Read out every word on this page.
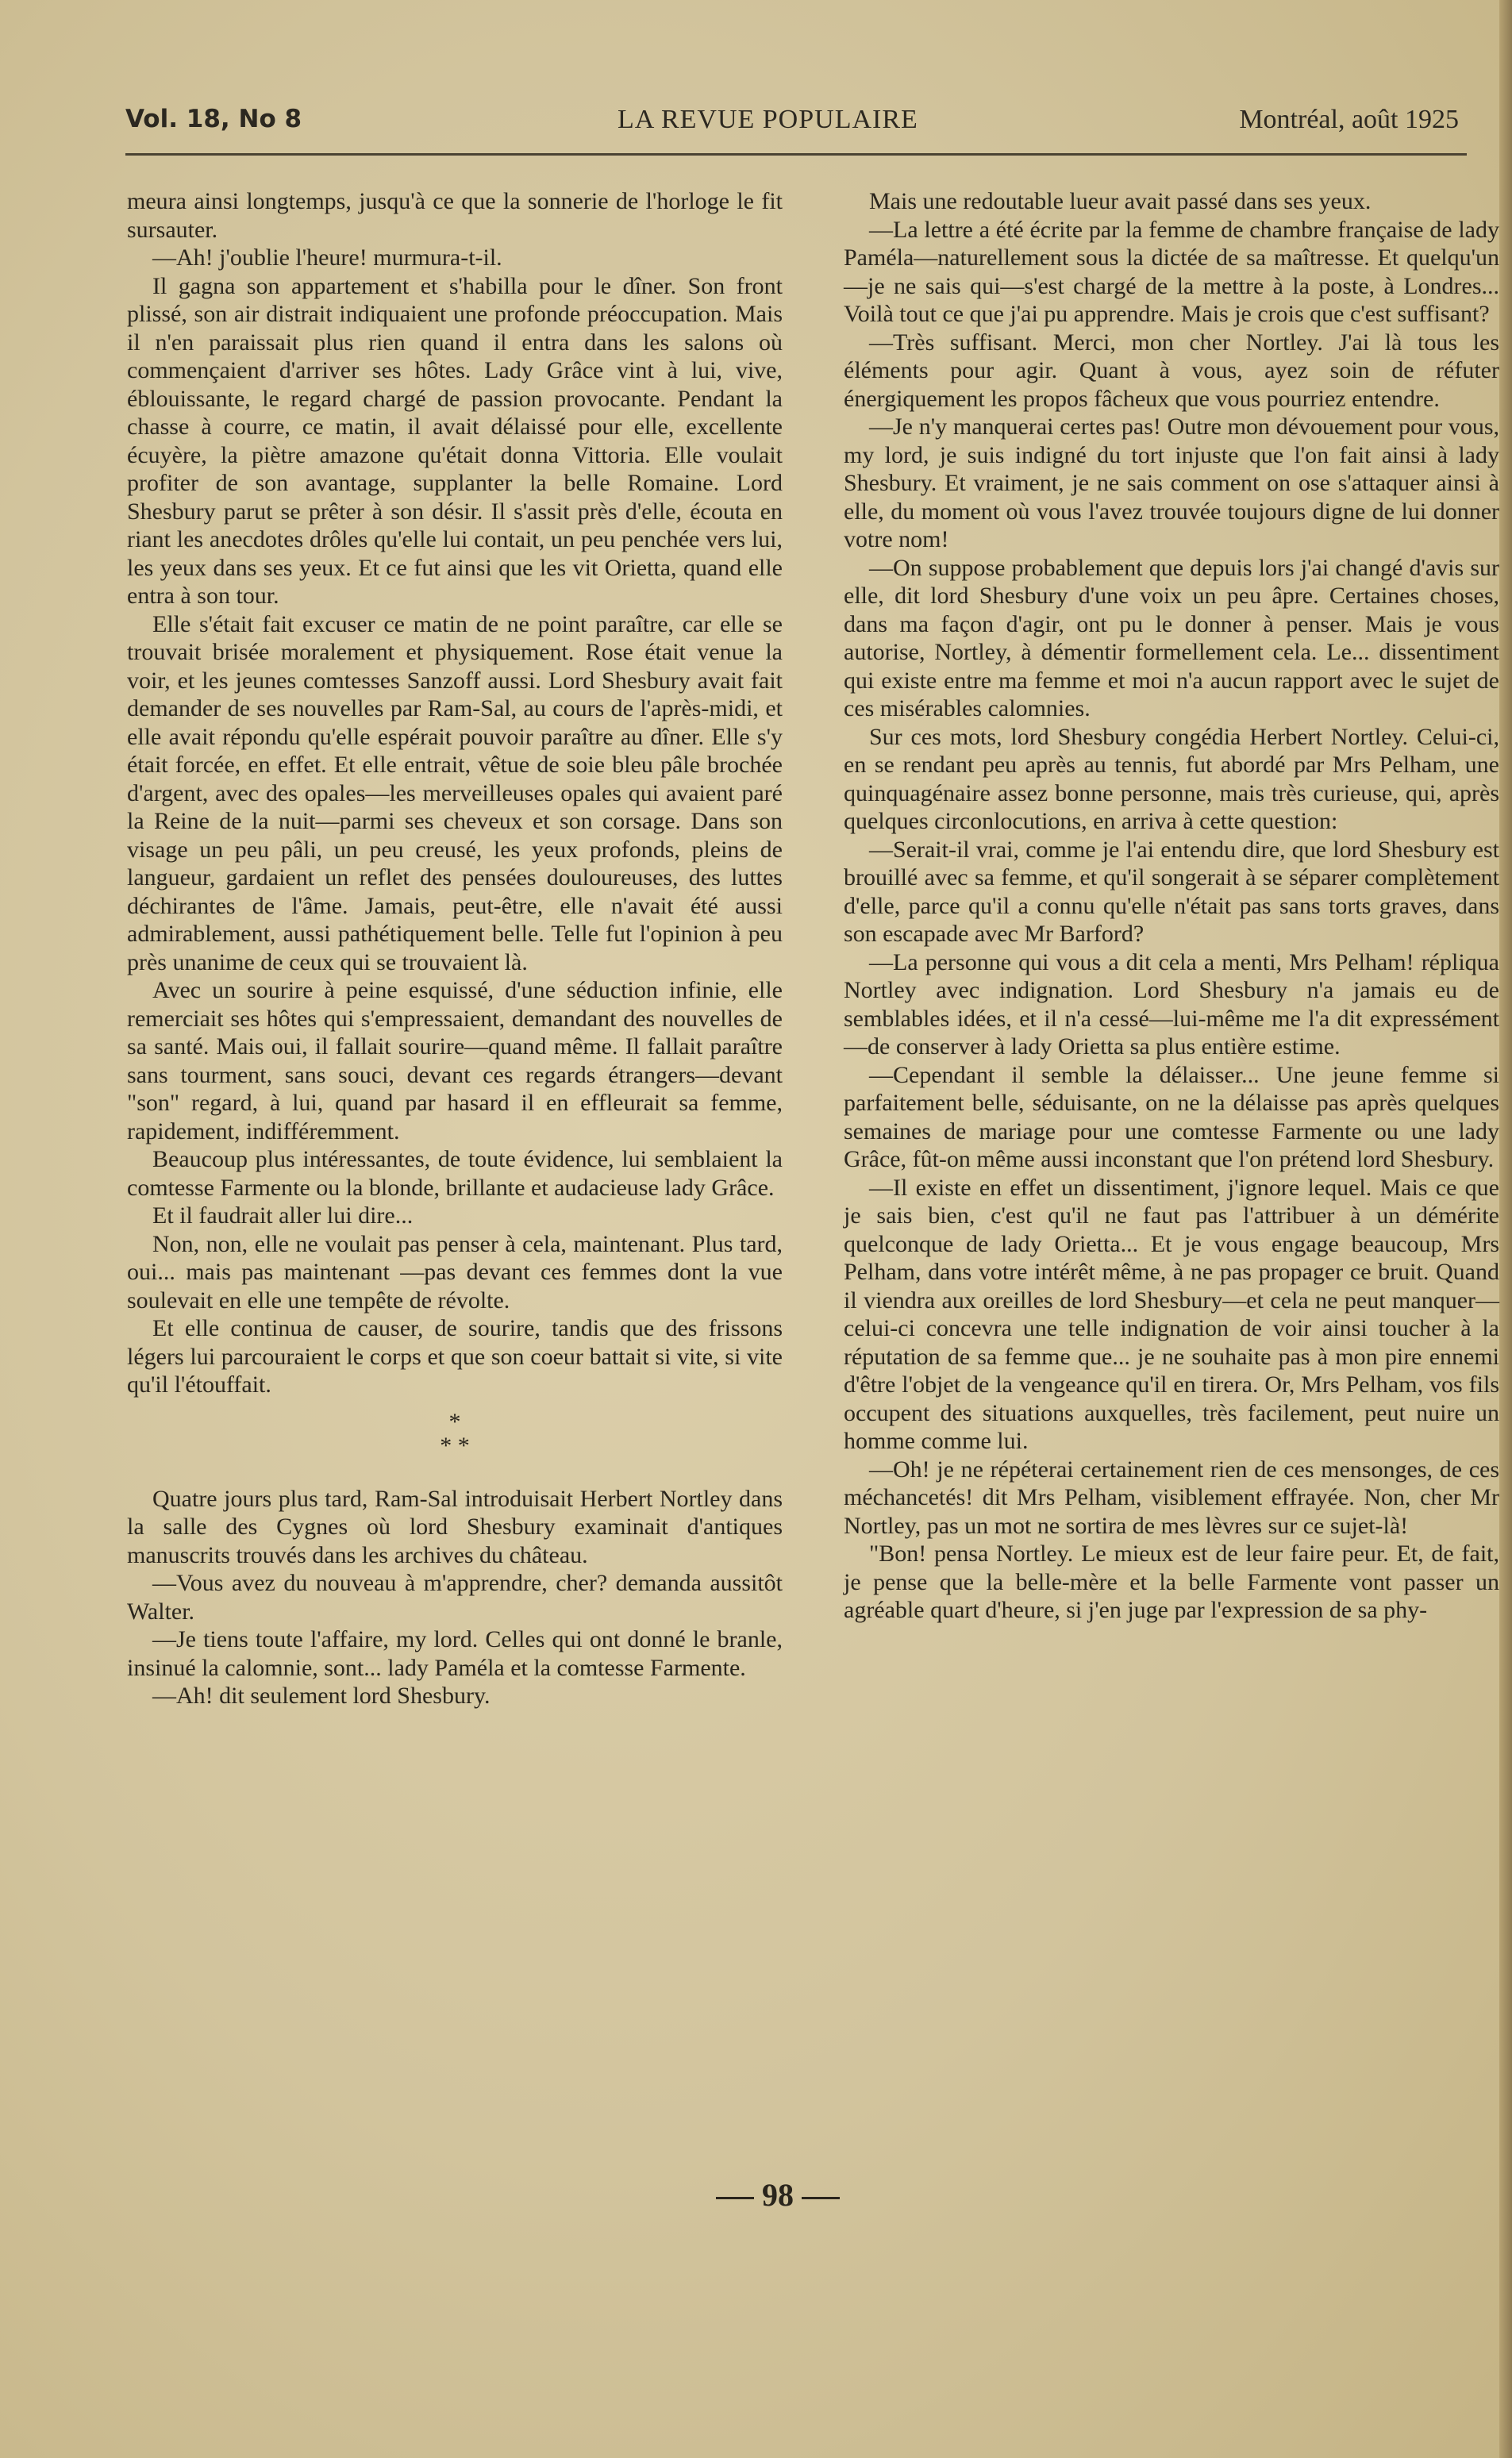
Vol. 18, No 8	LA REVUE POPULAIRE	Montréal, août 1925

meura ainsi longtemps, jusqu'à ce que la sonnerie de l'horloge le fit sursauter.

—Ah! j'oublie l'heure! murmura-t-il.

Il gagna son appartement et s'habilla pour le dîner. Son front plissé, son air distrait indiquaient une profonde préoccupation. Mais il n'en paraissait plus rien quand il entra dans les salons où commençaient d'arriver ses hôtes. Lady Grâce vint à lui, vive, éblouissante, le regard chargé de passion provocante. Pendant la chasse à courre, ce matin, il avait délaissé pour elle, excellente écuyère, la piètre amazone qu'était donna Vittoria. Elle voulait profiter de son avantage, supplanter la belle Romaine. Lord Shesbury parut se prêter à son désir. Il s'assit près d'elle, écouta en riant les anecdotes drôles qu'elle lui contait, un peu penchée vers lui, les yeux dans ses yeux. Et ce fut ainsi que les vit Orietta, quand elle entra à son tour.

Elle s'était fait excuser ce matin de ne point paraître, car elle se trouvait brisée moralement et physiquement. Rose était venue la voir, et les jeunes comtesses Sanzoff aussi. Lord Shesbury avait fait demander de ses nouvelles par Ram-Sal, au cours de l'après-midi, et elle avait répondu qu'elle espérait pouvoir paraître au dîner. Elle s'y était forcée, en effet. Et elle entrait, vêtue de soie bleu pâle brochée d'argent, avec des opales—les merveilleuses opales qui avaient paré la Reine de la nuit—parmi ses cheveux et son corsage. Dans son visage un peu pâli, un peu creusé, les yeux profonds, pleins de langueur, gardaient un reflet des pensées douloureuses, des luttes déchirantes de l'âme. Jamais, peut-être, elle n'avait été aussi admirablement, aussi pathétiquement belle. Telle fut l'opinion à peu près unanime de ceux qui se trouvaient là.

Avec un sourire à peine esquissé, d'une séduction infinie, elle remerciait ses hôtes qui s'empressaient, demandant des nouvelles de sa santé. Mais oui, il fallait sourire—quand même. Il fallait paraître sans tourment, sans souci, devant ces regards étrangers—devant "son" regard, à lui, quand par hasard il en effleurait sa femme, rapidement, indifféremment.

Beaucoup plus intéressantes, de toute évidence, lui semblaient la comtesse Farmente ou la blonde, brillante et audacieuse lady Grâce.

Et il faudrait aller lui dire...

Non, non, elle ne voulait pas penser à cela, maintenant. Plus tard, oui... mais pas maintenant —pas devant ces femmes dont la vue soulevait en elle une tempête de révolte.

Et elle continua de causer, de sourire, tandis que des frissons légers lui parcouraient le corps et que son coeur battait si vite, si vite qu'il l'étouffait.

*
* *

Quatre jours plus tard, Ram-Sal introduisait Herbert Nortley dans la salle des Cygnes où lord Shesbury examinait d'antiques manuscrits trouvés dans les archives du château.

—Vous avez du nouveau à m'apprendre, cher? demanda aussitôt Walter.

—Je tiens toute l'affaire, my lord. Celles qui ont donné le branle, insinué la calomnie, sont... lady Paméla et la comtesse Farmente.

—Ah! dit seulement lord Shesbury.

Mais une redoutable lueur avait passé dans ses yeux.

—La lettre a été écrite par la femme de chambre française de lady Paméla—naturellement sous la dictée de sa maîtresse. Et quelqu'un—je ne sais qui—s'est chargé de la mettre à la poste, à Londres... Voilà tout ce que j'ai pu apprendre. Mais je crois que c'est suffisant?

—Très suffisant. Merci, mon cher Nortley. J'ai là tous les éléments pour agir. Quant à vous, ayez soin de réfuter énergiquement les propos fâcheux que vous pourriez entendre.

—Je n'y manquerai certes pas! Outre mon dévouement pour vous, my lord, je suis indigné du tort injuste que l'on fait ainsi à lady Shesbury. Et vraiment, je ne sais comment on ose s'attaquer ainsi à elle, du moment où vous l'avez trouvée toujours digne de lui donner votre nom!

—On suppose probablement que depuis lors j'ai changé d'avis sur elle, dit lord Shesbury d'une voix un peu âpre. Certaines choses, dans ma façon d'agir, ont pu le donner à penser. Mais je vous autorise, Nortley, à démentir formellement cela. Le... dissentiment qui existe entre ma femme et moi n'a aucun rapport avec le sujet de ces misérables calomnies.

Sur ces mots, lord Shesbury congédia Herbert Nortley. Celui-ci, en se rendant peu après au tennis, fut abordé par Mrs Pelham, une quinquagénaire assez bonne personne, mais très curieuse, qui, après quelques circonlocutions, en arriva à cette question:

—Serait-il vrai, comme je l'ai entendu dire, que lord Shesbury est brouillé avec sa femme, et qu'il songerait à se séparer complètement d'elle, parce qu'il a connu qu'elle n'était pas sans torts graves, dans son escapade avec Mr Barford?

—La personne qui vous a dit cela a menti, Mrs Pelham! répliqua Nortley avec indignation. Lord Shesbury n'a jamais eu de semblables idées, et il n'a cessé—lui-même me l'a dit expressément—de conserver à lady Orietta sa plus entière estime.

—Cependant il semble la délaisser... Une jeune femme si parfaitement belle, séduisante, on ne la délaisse pas après quelques semaines de mariage pour une comtesse Farmente ou une lady Grâce, fût-on même aussi inconstant que l'on prétend lord Shesbury.

—Il existe en effet un dissentiment, j'ignore lequel. Mais ce que je sais bien, c'est qu'il ne faut pas l'attribuer à un démérite quelconque de lady Orietta... Et je vous engage beaucoup, Mrs Pelham, dans votre intérêt même, à ne pas propager ce bruit. Quand il viendra aux oreilles de lord Shesbury—et cela ne peut manquer—celui-ci concevra une telle indignation de voir ainsi toucher à la réputation de sa femme que... je ne souhaite pas à mon pire ennemi d'être l'objet de la vengeance qu'il en tirera. Or, Mrs Pelham, vos fils occupent des situations auxquelles, très facilement, peut nuire un homme comme lui.

—Oh! je ne répéterai certainement rien de ces mensonges, de ces méchancetés! dit Mrs Pelham, visiblement effrayée. Non, cher Mr Nortley, pas un mot ne sortira de mes lèvres sur ce sujet-là!

"Bon! pensa Nortley. Le mieux est de leur faire peur. Et, de fait, je pense que la belle-mère et la belle Farmente vont passer un agréable quart d'heure, si j'en juge par l'expression de sa phy-

98
